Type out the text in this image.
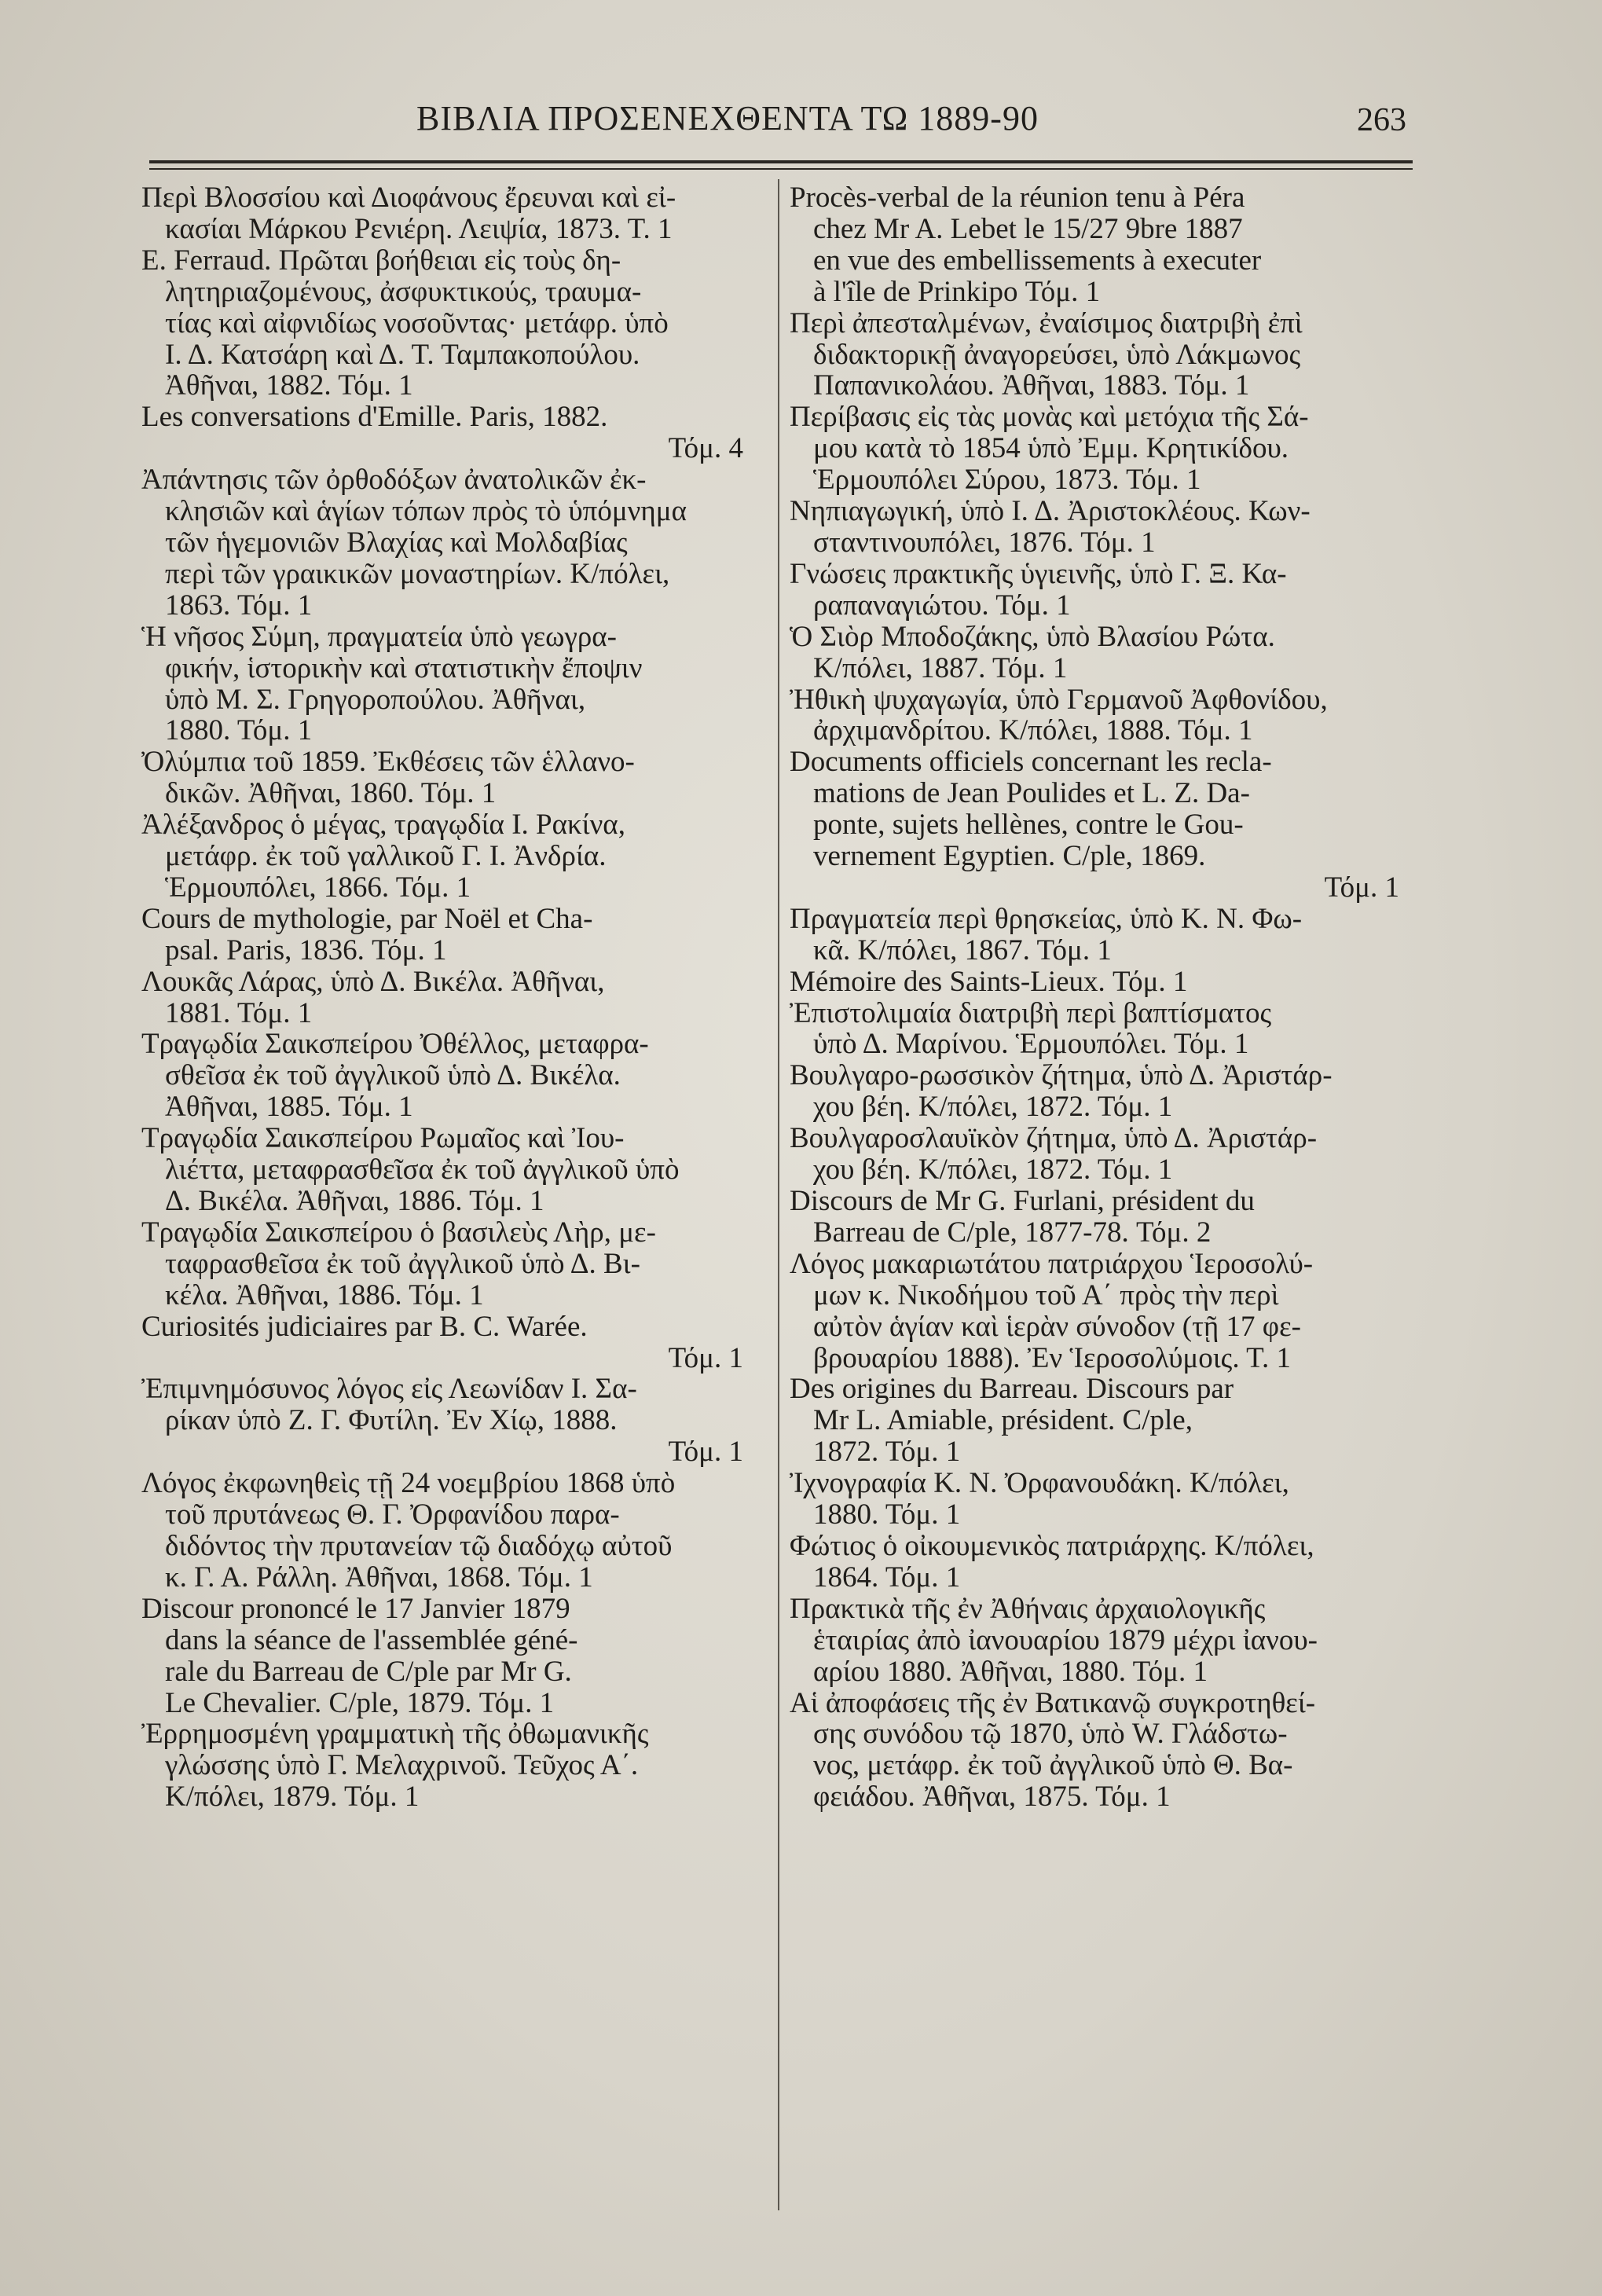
ΒΙΒΛΙΑ ΠΡΟΣΕΝΕΧΘΕΝΤΑ ΤΩ 1889-90	263
Περὶ Βλοσσίου καὶ Διοφάνους ἔρευναι καὶ εἰ-
κασίαι Μάρκου Ρενιέρη. Λειψία, 1873. Τ. 1
E. Ferraud. Πρῶται βοήθειαι εἰς τοὺς δη-
λητηριαζομένους, ἀσφυκτικούς, τραυμα-
τίας καὶ αἰφνιδίως νοσοῦντας· μετάφρ. ὑπὸ
Ι. Δ. Κατσάρη καὶ Δ. Τ. Ταμπακοπούλου.
Ἀθῆναι, 1882. Τόμ. 1
Les conversations d'Emille. Paris, 1882.
Τόμ. 4
Ἀπάντησις τῶν ὀρθοδόξων ἀνατολικῶν ἐκ-
κλησιῶν καὶ ἁγίων τόπων πρὸς τὸ ὑπόμνημα
τῶν ἡγεμονιῶν Βλαχίας καὶ Μολδαβίας
περὶ τῶν γραικικῶν μοναστηρίων. Κ/πόλει,
1863. Τόμ. 1
Ἡ νῆσος Σύμη, πραγματεία ὑπὸ γεωγρα-
φικήν, ἱστορικὴν καὶ στατιστικὴν ἔποψιν
ὑπὸ Μ. Σ. Γρηγοροπούλου. Ἀθῆναι,
1880. Τόμ. 1
Ὀλύμπια τοῦ 1859. Ἐκθέσεις τῶν ἑλλανο-
δικῶν. Ἀθῆναι, 1860. Τόμ. 1
Ἀλέξανδρος ὁ μέγας, τραγῳδία Ι. Ρακίνα,
μετάφρ. ἐκ τοῦ γαλλικοῦ Γ. Ι. Ἀνδρία.
Ἑρμουπόλει, 1866. Τόμ. 1
Cours de mythologie, par Noël et Cha-
psal. Paris, 1836. Τόμ. 1
Λουκᾶς Λάρας, ὑπὸ Δ. Βικέλα. Ἀθῆναι,
1881. Τόμ. 1
Τραγῳδία Σαικσπείρου Ὀθέλλος, μεταφρα-
σθεῖσα ἐκ τοῦ ἀγγλικοῦ ὑπὸ Δ. Βικέλα.
Ἀθῆναι, 1885. Τόμ. 1
Τραγῳδία Σαικσπείρου Ρωμαῖος καὶ Ἰου-
λιέττα, μεταφρασθεῖσα ἐκ τοῦ ἀγγλικοῦ ὑπὸ
Δ. Βικέλα. Ἀθῆναι, 1886. Τόμ. 1
Τραγῳδία Σαικσπείρου ὁ βασιλεὺς Λὴρ, με-
ταφρασθεῖσα ἐκ τοῦ ἀγγλικοῦ ὑπὸ Δ. Βι-
κέλα. Ἀθῆναι, 1886. Τόμ. 1
Curiosités judiciaires par B. C. Warée.
Τόμ. 1
Ἐπιμνημόσυνος λόγος εἰς Λεωνίδαν Ι. Σα-
ρίκαν ὑπὸ Ζ. Γ. Φυτίλη. Ἐν Χίῳ, 1888.
Τόμ. 1
Λόγος ἐκφωνηθεὶς τῇ 24 νοεμβρίου 1868 ὑπὸ
τοῦ πρυτάνεως Θ. Γ. Ὀρφανίδου παρα-
διδόντος τὴν πρυτανείαν τῷ διαδόχῳ αὐτοῦ
κ. Γ. Α. Ράλλη. Ἀθῆναι, 1868. Τόμ. 1
Discour prononcé le 17 Janvier 1879
dans la séance de l'assemblée géné-
rale du Barreau de C/ple par Mr G.
Le Chevalier. C/ple, 1879. Τόμ. 1
Ἐρρημοσμένη γραμματικὴ τῆς ὀθωμανικῆς
γλώσσης ὑπὸ Γ. Μελαχρινοῦ. Τεῦχος Α΄.
Κ/πόλει, 1879. Τόμ. 1
Procès-verbal de la réunion tenu à Péra
chez Mr A. Lebet le 15/27 9bre 1887
en vue des embellissements à executer
à l'île de Prinkipo Τόμ. 1
Περὶ ἀπεσταλμένων, ἐναίσιμος διατριβὴ ἐπὶ
διδακτορικῇ ἀναγορεύσει, ὑπὸ Λάκμωνος
Παπανικολάου. Ἀθῆναι, 1883. Τόμ. 1
Περίβασις εἰς τὰς μονὰς καὶ μετόχια τῆς Σά-
μου κατὰ τὸ 1854 ὑπὸ Ἐμμ. Κρητικίδου.
Ἑρμουπόλει Σύρου, 1873. Τόμ. 1
Νηπιαγωγική, ὑπὸ Ι. Δ. Ἀριστοκλέους. Κων-
σταντινουπόλει, 1876. Τόμ. 1
Γνώσεις πρακτικῆς ὑγιεινῆς, ὑπὸ Γ. Ξ. Κα-
ραπαναγιώτου. Τόμ. 1
Ὁ Σιὸρ Μποδοζάκης, ὑπὸ Βλασίου Ρώτα.
Κ/πόλει, 1887. Τόμ. 1
Ἠθικὴ ψυχαγωγία, ὑπὸ Γερμανοῦ Ἀφθονίδου,
ἀρχιμανδρίτου. Κ/πόλει, 1888. Τόμ. 1
Documents officiels concernant les recla-
mations de Jean Poulides et L. Z. Da-
ponte, sujets hellènes, contre le Gou-
vernement Egyptien. C/ple, 1869.
Τόμ. 1
Πραγματεία περὶ θρησκείας, ὑπὸ Κ. Ν. Φω-
κᾶ. Κ/πόλει, 1867. Τόμ. 1
Mémoire des Saints-Lieux. Τόμ. 1
Ἐπιστολιμαία διατριβὴ περὶ βαπτίσματος
ὑπὸ Δ. Μαρίνου. Ἑρμουπόλει. Τόμ. 1
Βουλγαρο-ρωσσικὸν ζήτημα, ὑπὸ Δ. Ἀριστάρ-
χου βέη. Κ/πόλει, 1872. Τόμ. 1
Βουλγαροσλαυϊκὸν ζήτημα, ὑπὸ Δ. Ἀριστάρ-
χου βέη. Κ/πόλει, 1872. Τόμ. 1
Discours de Mr G. Furlani, président du
Barreau de C/ple, 1877-78. Τόμ. 2
Λόγος μακαριωτάτου πατριάρχου Ἱεροσολύ-
μων κ. Νικοδήμου τοῦ Α΄ πρὸς τὴν περὶ
αὐτὸν ἁγίαν καὶ ἱερὰν σύνοδον (τῇ 17 φε-
βρουαρίου 1888). Ἐν Ἱεροσολύμοις. Τ. 1
Des origines du Barreau. Discours par
Mr L. Amiable, président. C/ple,
1872. Τόμ. 1
Ἰχνογραφία Κ. Ν. Ὀρφανουδάκη. Κ/πόλει,
1880. Τόμ. 1
Φώτιος ὁ οἰκουμενικὸς πατριάρχης. Κ/πόλει,
1864. Τόμ. 1
Πρακτικὰ τῆς ἐν Ἀθήναις ἀρχαιολογικῆς
ἑταιρίας ἀπὸ ἰανουαρίου 1879 μέχρι ἰανου-
αρίου 1880. Ἀθῆναι, 1880. Τόμ. 1
Αἱ ἀποφάσεις τῆς ἐν Βατικανῷ συγκροτηθεί-
σης συνόδου τῷ 1870, ὑπὸ W. Γλάδστω-
νος, μετάφρ. ἐκ τοῦ ἀγγλικοῦ ὑπὸ Θ. Βα-
φειάδου. Ἀθῆναι, 1875. Τόμ. 1
